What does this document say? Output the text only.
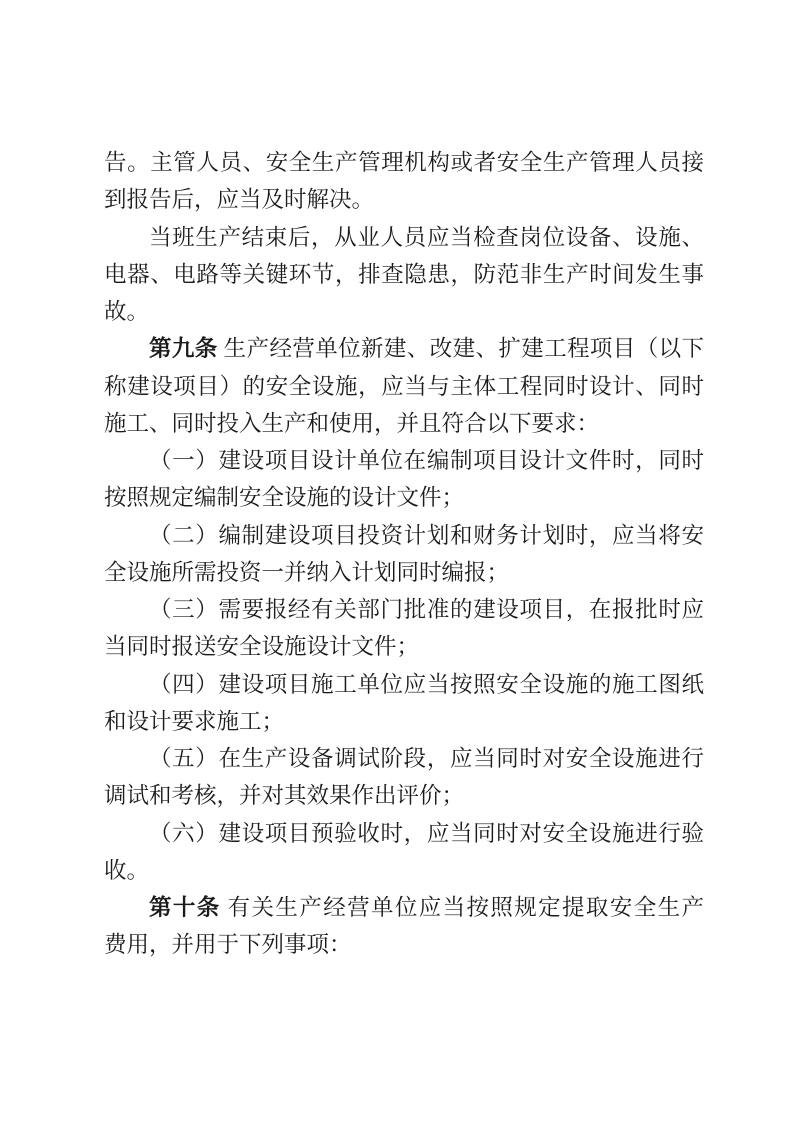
告。主管人员、安全生产管理机构或者安全生产管理人员接
到报告后，应当及时解决。
当班生产结束后，从业人员应当检查岗位设备、设施、
电器、电路等关键环节，排查隐患，防范非生产时间发生事
故。
第九条 生产经营单位新建、改建、扩建工程项目（以下
称建设项目）的安全设施，应当与主体工程同时设计、同时
施工、同时投入生产和使用，并且符合以下要求：
（一）建设项目设计单位在编制项目设计文件时，同时
按照规定编制安全设施的设计文件；
（二）编制建设项目投资计划和财务计划时，应当将安
全设施所需投资一并纳入计划同时编报；
（三）需要报经有关部门批准的建设项目，在报批时应
当同时报送安全设施设计文件；
（四）建设项目施工单位应当按照安全设施的施工图纸
和设计要求施工；
（五）在生产设备调试阶段，应当同时对安全设施进行
调试和考核，并对其效果作出评价；
（六）建设项目预验收时，应当同时对安全设施进行验
收。
第十条 有关生产经营单位应当按照规定提取安全生产
费用，并用于下列事项：
